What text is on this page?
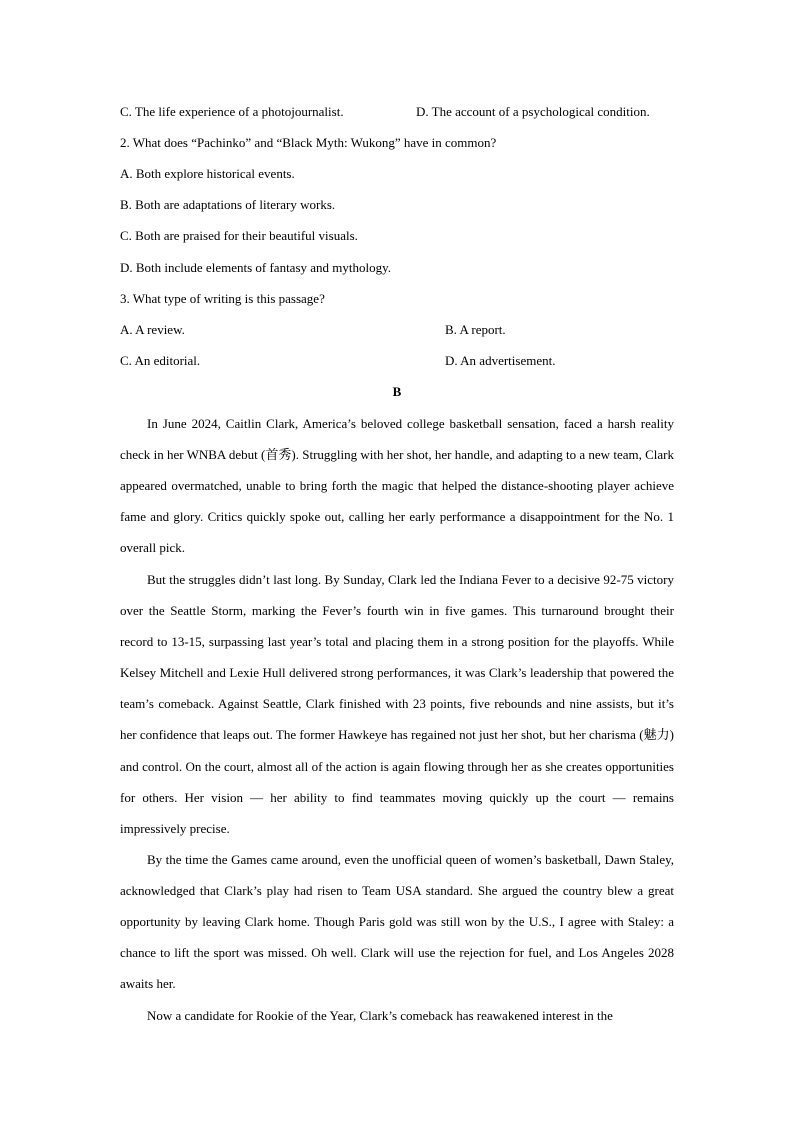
C. The life experience of a photojournalist.	D. The account of a psychological condition.
2. What does “Pachinko” and “Black Myth: Wukong” have in common?
A. Both explore historical events.
B. Both are adaptations of literary works.
C. Both are praised for their beautiful visuals.
D. Both include elements of fantasy and mythology.
3. What type of writing is this passage?
A. A review.	B. A report.
C. An editorial.	D. An advertisement.
B

In June 2024, Caitlin Clark, America’s beloved college basketball sensation, faced a harsh reality check in her WNBA debut (首秀). Struggling with her shot, her handle, and adapting to a new team, Clark appeared overmatched, unable to bring forth the magic that helped the distance-shooting player achieve fame and glory. Critics quickly spoke out, calling her early performance a disappointment for the No. 1 overall pick.

But the struggles didn’t last long. By Sunday, Clark led the Indiana Fever to a decisive 92-75 victory over the Seattle Storm, marking the Fever’s fourth win in five games. This turnaround brought their record to 13-15, surpassing last year’s total and placing them in a strong position for the playoffs. While Kelsey Mitchell and Lexie Hull delivered strong performances, it was Clark’s leadership that powered the team’s comeback. Against Seattle, Clark finished with 23 points, five rebounds and nine assists, but it’s her confidence that leaps out. The former Hawkeye has regained not just her shot, but her charisma (魅力) and control. On the court, almost all of the action is again flowing through her as she creates opportunities for others. Her vision — her ability to find teammates moving quickly up the court — remains impressively precise.

By the time the Games came around, even the unofficial queen of women’s basketball, Dawn Staley, acknowledged that Clark’s play had risen to Team USA standard. She argued the country blew a great opportunity by leaving Clark home. Though Paris gold was still won by the U.S., I agree with Staley: a chance to lift the sport was missed. Oh well. Clark will use the rejection for fuel, and Los Angeles 2028 awaits her.

Now a candidate for Rookie of the Year, Clark’s comeback has reawakened interest in the
